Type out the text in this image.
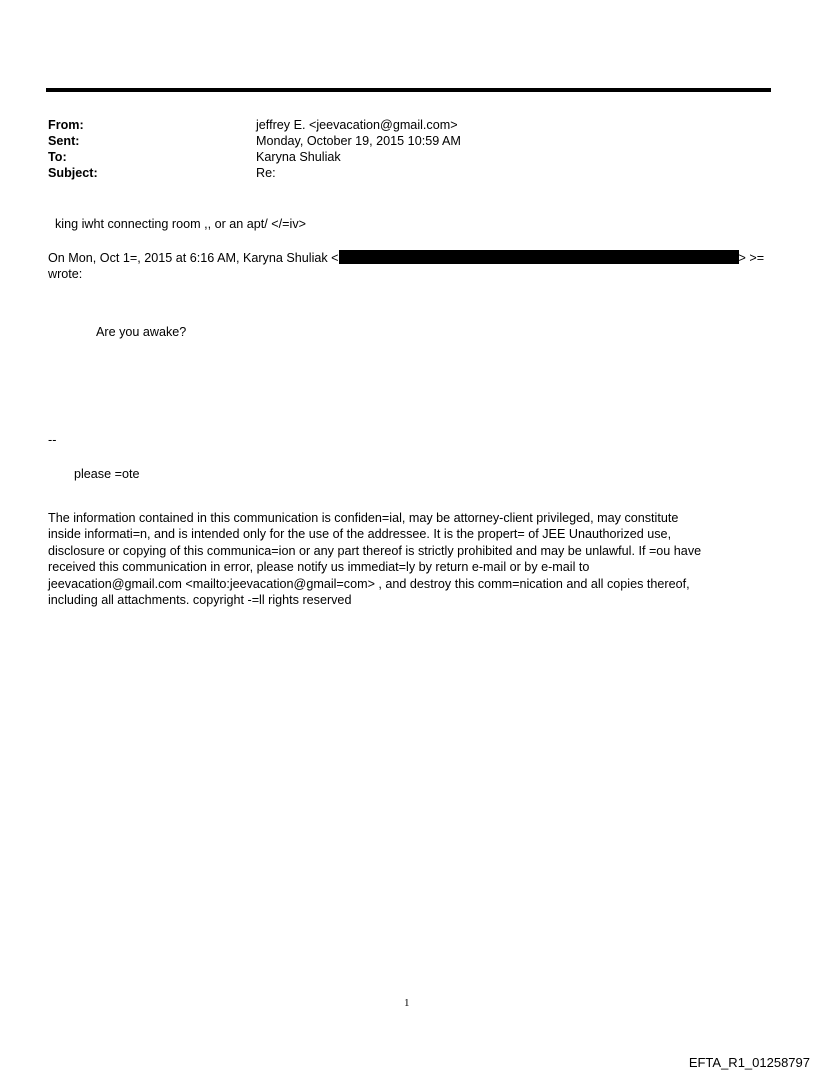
From:	jeffrey E. <jeevacation@gmail.com>
Sent:	Monday, October 19, 2015 10:59 AM
To:	Karyna Shuliak
Subject:	Re:
king iwht connecting room ,, or an apt/ </=iv>
On Mon, Oct 1=, 2015 at 6:16 AM, Karyna Shuliak <	> >=
wrote:
Are you awake?
--
please =ote
The information contained in this communication is confiden=ial, may be attorney-client privileged, may constitute
inside informati=n, and is intended only for the use of the addressee. It is the propert= of JEE Unauthorized use,
disclosure or copying of this communica=ion or any part thereof is strictly prohibited and may be unlawful. If =ou have
received this communication in error, please notify us immediat=ly by return e-mail or by e-mail to
jeevacation@gmail.com <mailto:jeevacation@gmail=com> , and destroy this comm=nication and all copies thereof,
including all attachments. copyright -=ll rights reserved
1
EFTA_R1_01258797
